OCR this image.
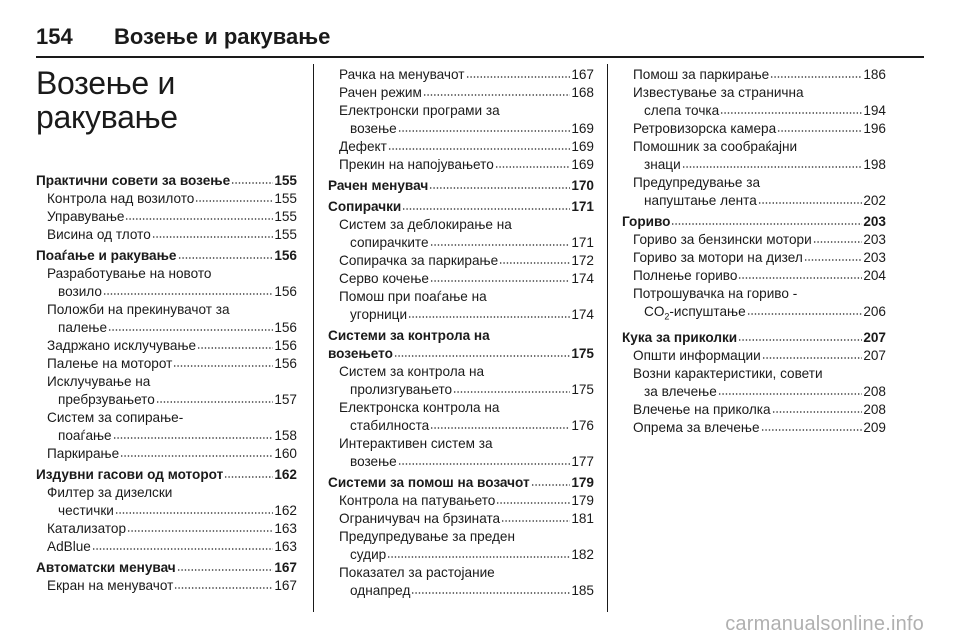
154	Возење и ракување
Возење и
ракување
Практични совети за возење	155
Контрола над возилото	155
Управување	155
Висина од тлото	155
Поаѓање и ракување	156
Разработување на новото
возило	156
Положби на прекинувачот за
палење	156
Задржано исклучување	156
Палење на моторот	156
Исклучување на
пребрзување​то	157
Систем за сопирање-
поаѓање	158
Паркирање	160
Издувни гасови од моторот	162
Филтер за дизелски
честички	162
Катализатор	163
AdBlue	163
Автоматски менувач	167
Екран на менувачот	167
Рачка на менувачот	167
Рачен режим	168
Електронски програми за
возење	169
Дефект	169
Прекин на напојувањето	169
Рачен менувач	170
Сопирачки	171
Систем за деблокирање на
сопирачките	171
Сопирачка за паркирање	172
Серво кочење	174
Помош при поаѓање на
угорници	174
Системи за контрола на
возењето	175
Систем за контрола на
пролизгувањето	175
Електронска контрола на
стабилноста	176
Интерактивен систем за
возење	177
Системи за помош на возачот	179
Контрола на патувањето	179
Ограничувач на брзината	181
Предупредување за преден
судир	182
Показател за растојание
однапред	185
Помош за паркирање	186
Известување за странична
слепа точка	194
Ретровизорска камера	196
Помошник за сообраќајни
знаци	198
Предупредување за
напуштање лента	202
Гориво	203
Гориво за бензински мотори	203
Гориво за мотори на дизел	203
Полнење гориво	204
Потрошувачка на гориво -
$CO_2$-испуштање	206
Кука за приколки	207
Општи информации	207
Возни карактеристики, совети
за влечење	208
Влечење на приколка	208
Опрема за влечење	209
carmanualsonline.info
